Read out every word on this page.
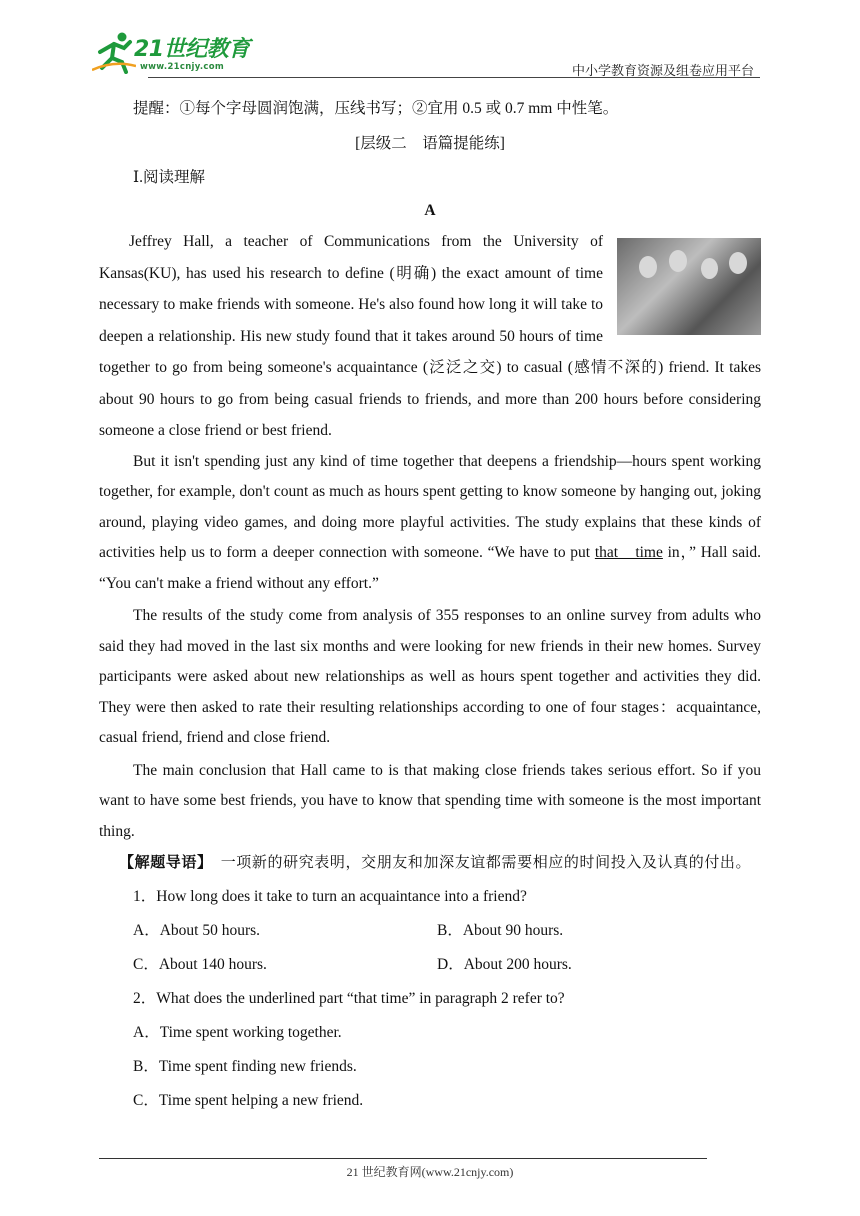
21世纪教育
www.21cnjy.com	中小学教育资源及组卷应用平台
提醒：①每个字母圆润饱满，压线书写；②宜用 0.5 或 0.7 mm 中性笔。
[层级二　语篇提能练]
Ⅰ.阅读理解
A

Jeffrey Hall, a teacher of Communications from the University of Kansas(KU), has used his research to define (明确) the exact amount of time necessary to make friends with someone. He's also found how long it will take to deepen a relationship. His new study found that it takes around 50 hours of time together to go from being someone's acquaintance (泛泛之交) to casual (感情不深的) friend. It takes about 90 hours to go from being casual friends to friends, and more than 200 hours before considering someone a close friend or best friend.

But it isn't spending just any kind of time together that deepens a friendship—hours spent working together, for example, don't count as much as hours spent getting to know someone by hanging out, joking around, playing video games, and doing more playful activities. The study explains that these kinds of activities help us to form a deeper connection with someone. “We have to put that　time in，” Hall said. “You can't make a friend without any effort.”

The results of the study come from analysis of 355 responses to an online survey from adults who said they had moved in the last six months and were looking for new friends in their new homes. Survey participants were asked about new relationships as well as hours spent together and activities they did. They were then asked to rate their resulting relationships according to one of four stages：acquaintance, casual friend, friend and close friend.

The main conclusion that Hall came to is that making close friends takes serious effort. So if you want to have some best friends, you have to know that spending time with someone is the most important thing.

【解题导语】　一项新的研究表明，交朋友和加深友谊都需要相应的时间投入及认真的付出。

1．How long does it take to turn an acquaintance into a friend?
A．About 50 hours.	B．About 90 hours.
C．About 140 hours.	D．About 200 hours.
2．What does the underlined part “that time” in paragraph 2 refer to?
A．Time spent working together.
B．Time spent finding new friends.
C．Time spent helping a new friend.
21 世纪教育网(www.21cnjy.com)
